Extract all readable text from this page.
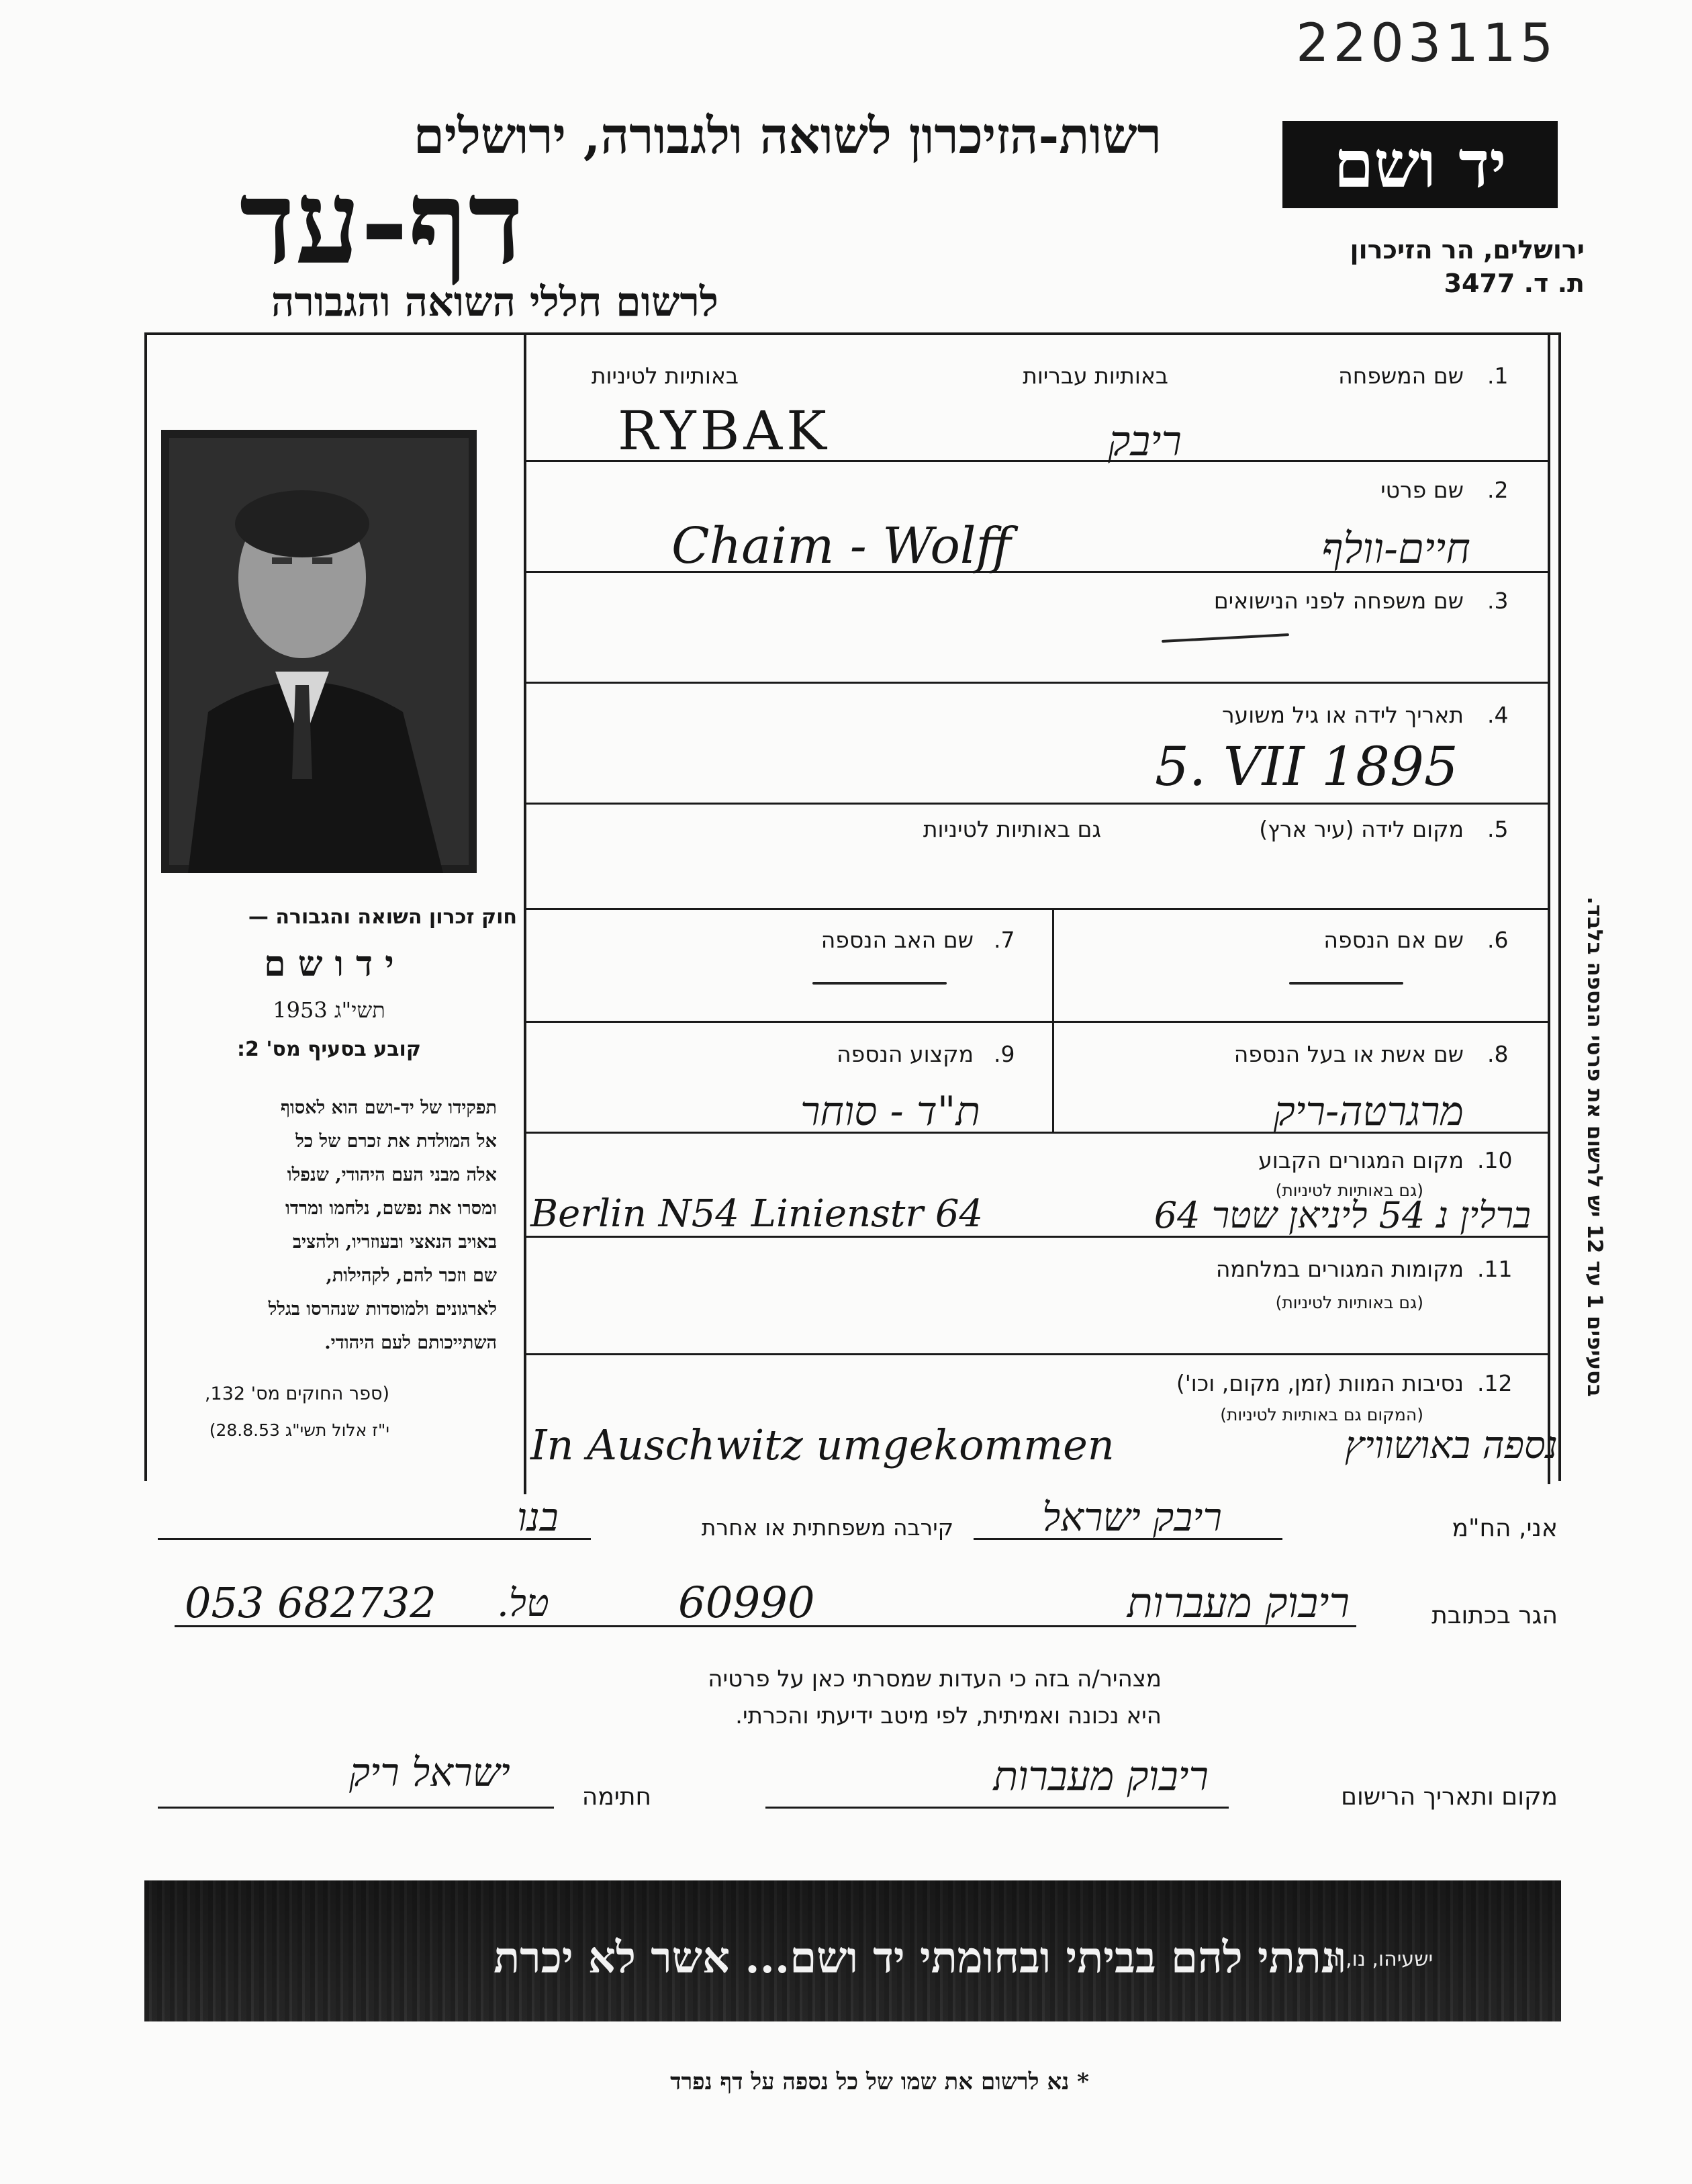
2203115
רשות-הזיכרון לשואה ולגבורה, ירושלים
דף-עד
לרשום חללי השואה והגבורה
יד ושם
ירושלים, הר הזיכרון
ת. ד. 3477
חוק זכרון השואה והגבורה —
י ד ו ש ם
תשי"ג 1953
קובע בסעיף מס' 2:
תפקידו של יד-ושם הוא לאסוף
אל המולדת את זכרם של כל
אלה מבני העם היהודי, שנפלו
ומסרו את נפשם, נלחמו ומרדו
באויב הנאצי ובעוזריו, ולהציב
שם וזכר להם, לקהילות,
לארגונים ולמוסדות שנהרסו בגלל
השתייכותם לעם היהודי.
(ספר החוקים מס' 132,
י"ז אלול תשי"ג 28.8.53)
בסעיפים 1 עד 12 יש לרשום את פרטי הנספה בלבד.
1.
שם המשפחה
באותיות עבריות
באותיות לטיניות
RYBAK	ריבק
2.
שם פרטי
Chaim - Wolff	חיים-וולף
3.
שם משפחה לפני הנישואים
4.
תאריך לידה או גיל משוער
5. VII 1895
5.
מקום לידה (עיר ארץ)
גם באותיות לטיניות
6.
שם אם הנספה
7.
שם האב הנספה
8.
שם אשת או בעל הנספה
מרגרטה-ריק
9.
מקצוע הנספה
ת"ד - סוחר
10.
מקום המגורים הקבוע
(גם באותיות לטיניות)
Berlin N54 Linienstr 64	ברלין נ 54 ליניאן שטר 64
11.
מקומות המגורים במלחמה
(גם באותיות לטיניות)
12.
נסיבות המוות (זמן, מקום, וכו')
(המקום גם באותיות לטיניות)
In Auschwitz umgekommen	נספה באושוויץ
אני, הח"מ
ריבק ישראל
קירבה משפחתית או אחרת
בנו
הגר בכתובת
ריבוק מעברות
60990
טל.
053 682732
מצהיר/ה בזה כי העדות שמסרתי כאן על פרטיה
היא נכונה ואמיתית, לפי מיטב ידיעתי והכרתי.
מקום ותאריך הרישום
ריבוק מעברות
חתימה
ישראל ריק
ונתתי להם בביתי ובחומתי יד ושם... אשר לא יכרת
ישעיהו, נו, ה
* נא לרשום את שמו של כל נספה על דף נפרד
